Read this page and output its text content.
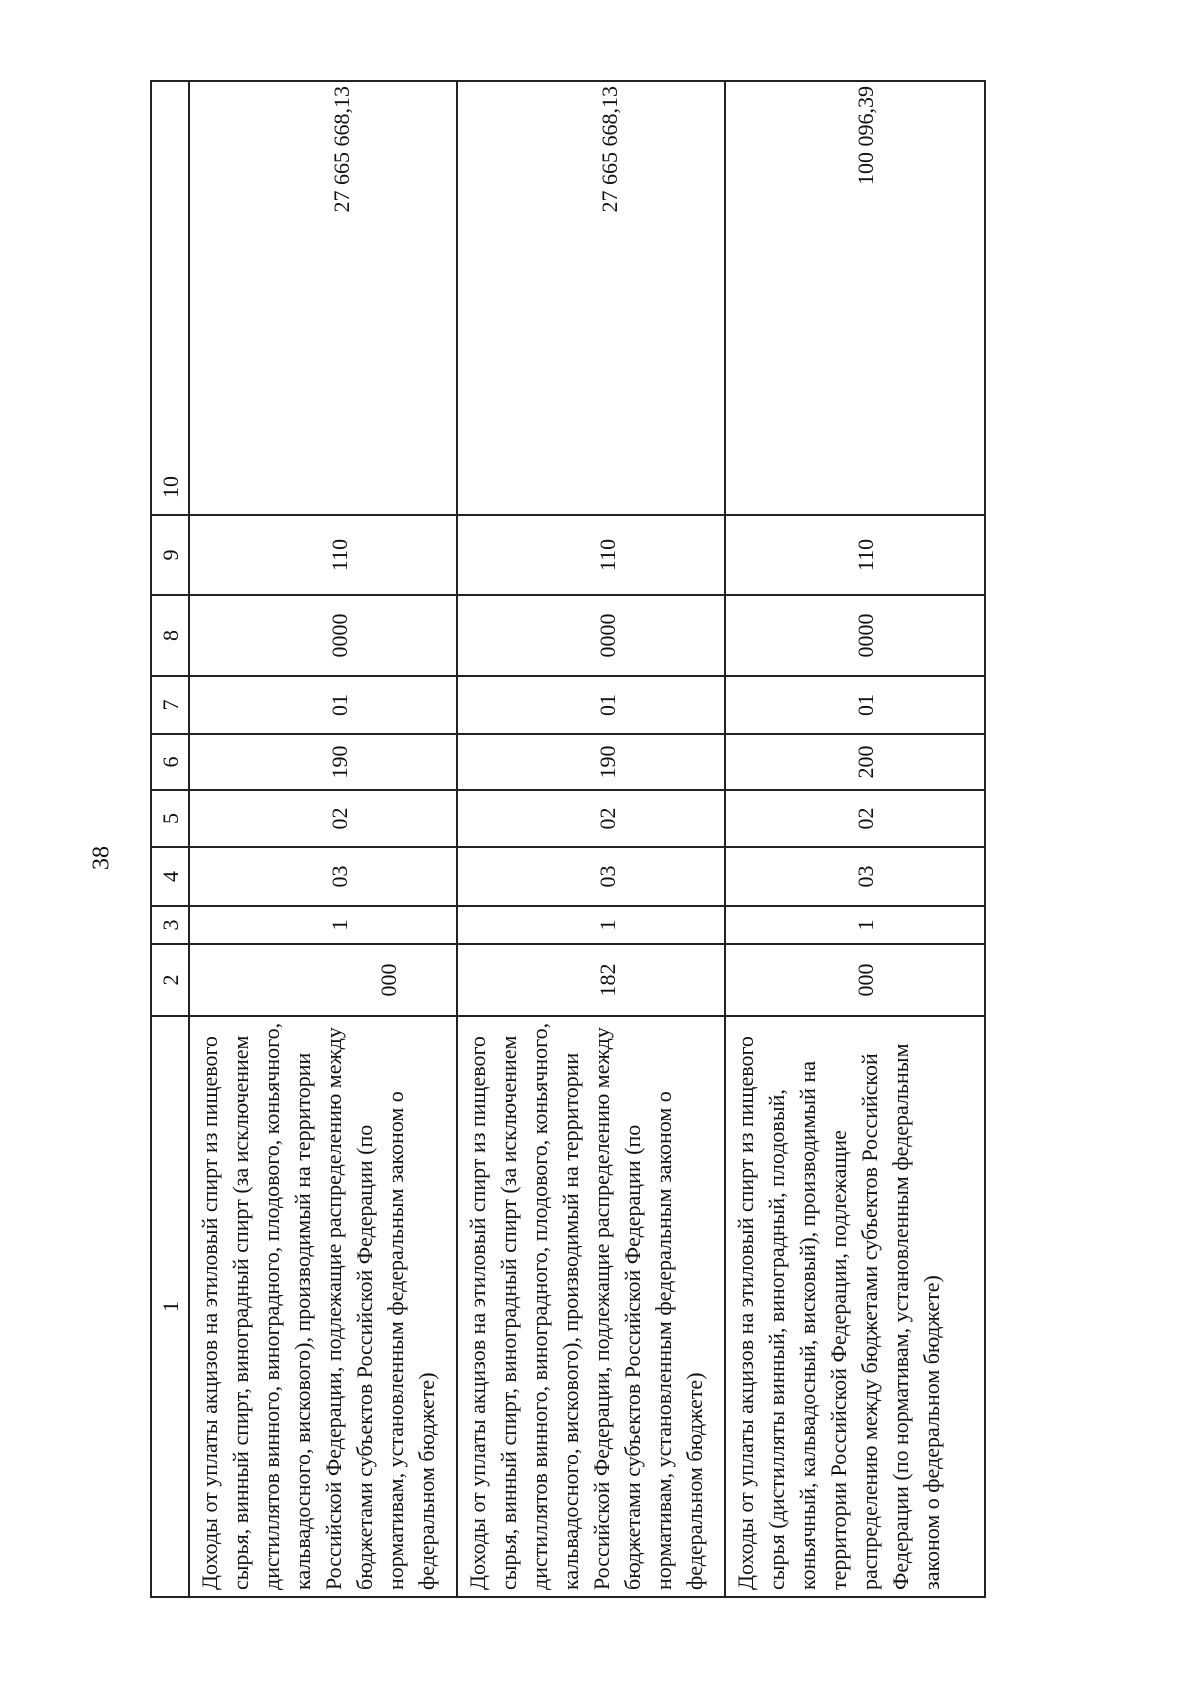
38
1	2	3	4	5	6	7	8	9	10

Доходы от уплаты акцизов на этиловый спирт из пищевого сырья, винный спирт, виноградный спирт (за исключением дистиллятов винного, виноградного, плодового, коньячного, кальвадосного, вискового), производимый на территории Российской Федерации, подлежащие распределению между бюджетами субъектов Российской Федерации (по нормативам, установленным федеральным законом о федеральном бюджете)	000	1	03	02	190	01	0000	110	27 665 668,13

Доходы от уплаты акцизов на этиловый спирт из пищевого сырья, винный спирт, виноградный спирт (за исключением дистиллятов винного, виноградного, плодового, коньячного, кальвадосного, вискового), производимый на территории Российской Федерации, подлежащие распределению между бюджетами субъектов Российской Федерации (по нормативам, установленным федеральным законом о федеральном бюджете)	182	1	03	02	190	01	0000	110	27 665 668,13

Доходы от уплаты акцизов на этиловый спирт из пищевого сырья (дистилляты винный, виноградный, плодовый, коньячный, кальвадосный, висковый), производимый на территории Российской Федерации, подлежащие распределению между бюджетами субъектов Российской Федерации (по нормативам, установленным федеральным законом о федеральном бюджете)	000	1	03	02	200	01	0000	110	100 096,39
